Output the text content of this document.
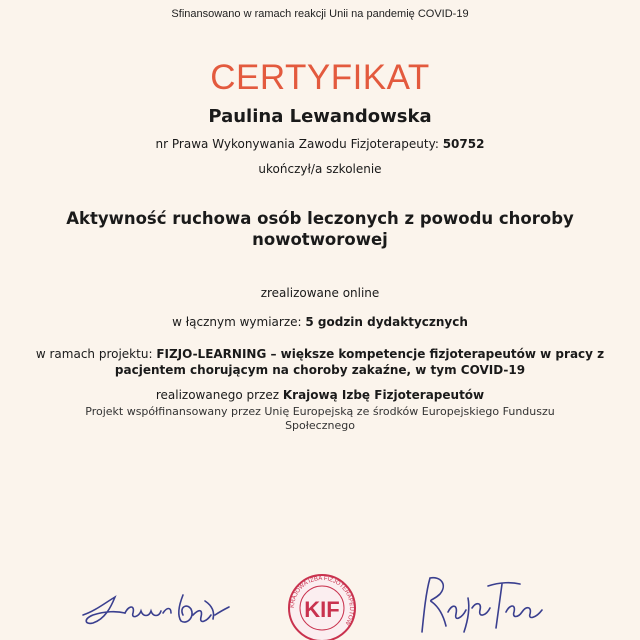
Sfinansowano w ramach reakcji Unii na pandemię COVID-19
CERTYFIKAT
Paulina Lewandowska
nr Prawa Wykonywania Zawodu Fizjoterapeuty: 50752
ukończył/a szkolenie
Aktywność ruchowa osób leczonych z powodu choroby nowotworowej
zrealizowane online
w łącznym wymiarze: 5 godzin dydaktycznych
w ramach projektu: FIZJO-LEARNING – większe kompetencje fizjoterapeutów w pracy z pacjentem chorującym na choroby zakaźne, w tym COVID-19
realizowanego przez Krajową Izbę Fizjoterapeutów
Projekt współfinansowany przez Unię Europejską ze środków Europejskiego Funduszu Społecznego
KRAJOWA IZBA FIZJOTERAPEUTÓW
KIF
